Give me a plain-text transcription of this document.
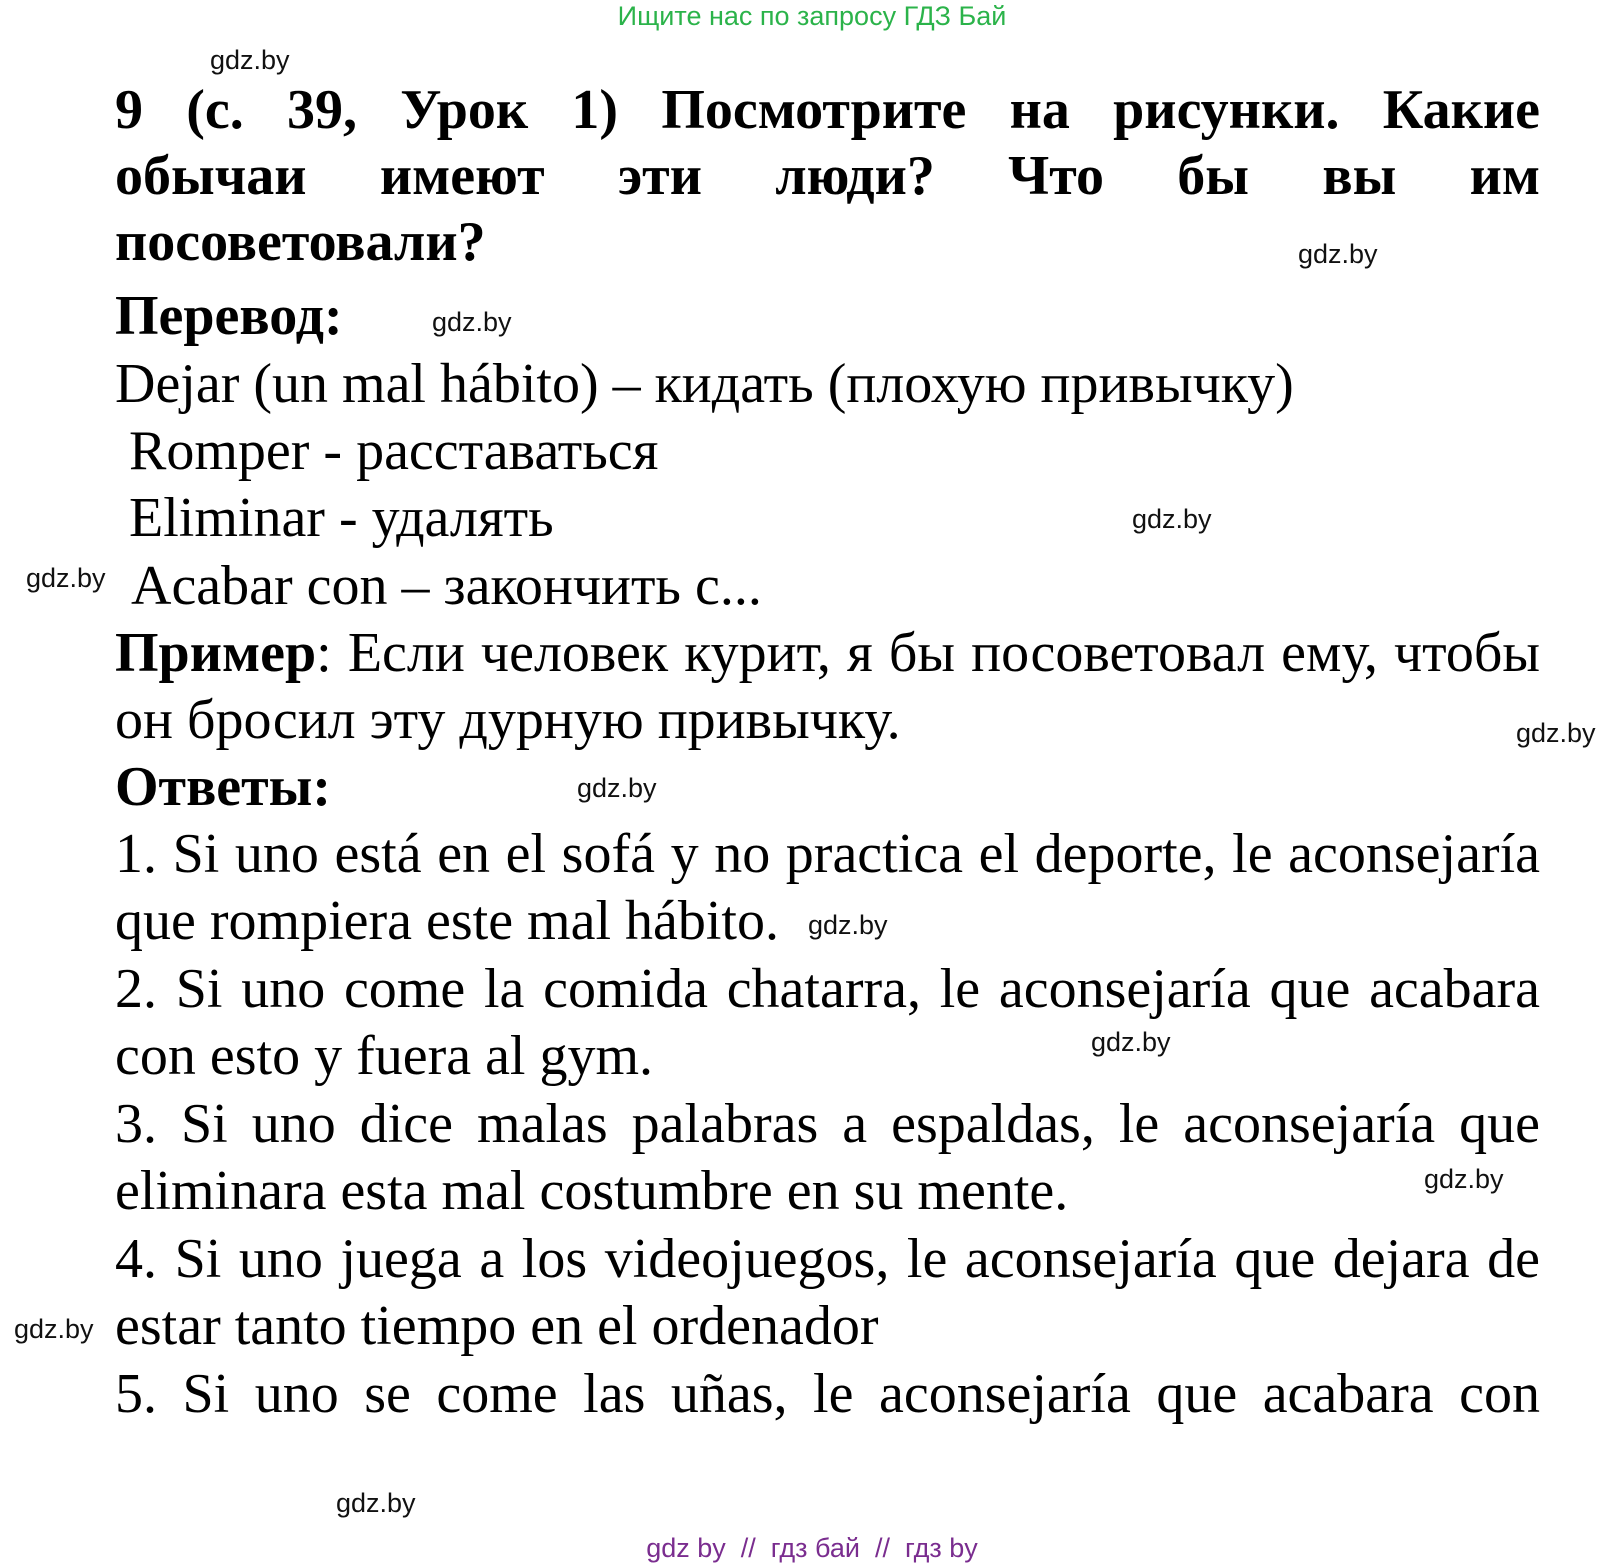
Ищите нас по запросу ГДЗ Бай
gdz.by
gdz.by
gdz.by
gdz.by
gdz.by
gdz.by
gdz.by
gdz.by
gdz.by
gdz.by
gdz.by
gdz.by
9 (с. 39, Урок 1) Посмотрите на рисунки. Какие обычаи имеют эти люди? Что бы вы им посоветовали?
Перевод:
Dejar (un mal hábito) – кидать (плохую привычку)
Romper - расставаться
Eliminar - удалять
Acabar con – закончить с...
Пример: Если человек курит, я бы посоветовал ему, чтобы он бросил эту дурную привычку.
Ответы:
1. Si uno está en el sofá y no practica el deporte, le aconsejaría que rompiera este mal hábito.
2. Si uno come la comida chatarra, le aconsejaría que acabara con esto y fuera al gym.
3. Si uno dice malas palabras a espaldas, le aconsejaría que eliminara esta mal costumbre en su mente.
4. Si uno juega a los videojuegos, le aconsejaría que dejara de estar tanto tiempo en el ordenador
5. Si uno se come las uñas, le aconsejaría que acabara con
gdz by  //  гдз бай  //  гдз by
